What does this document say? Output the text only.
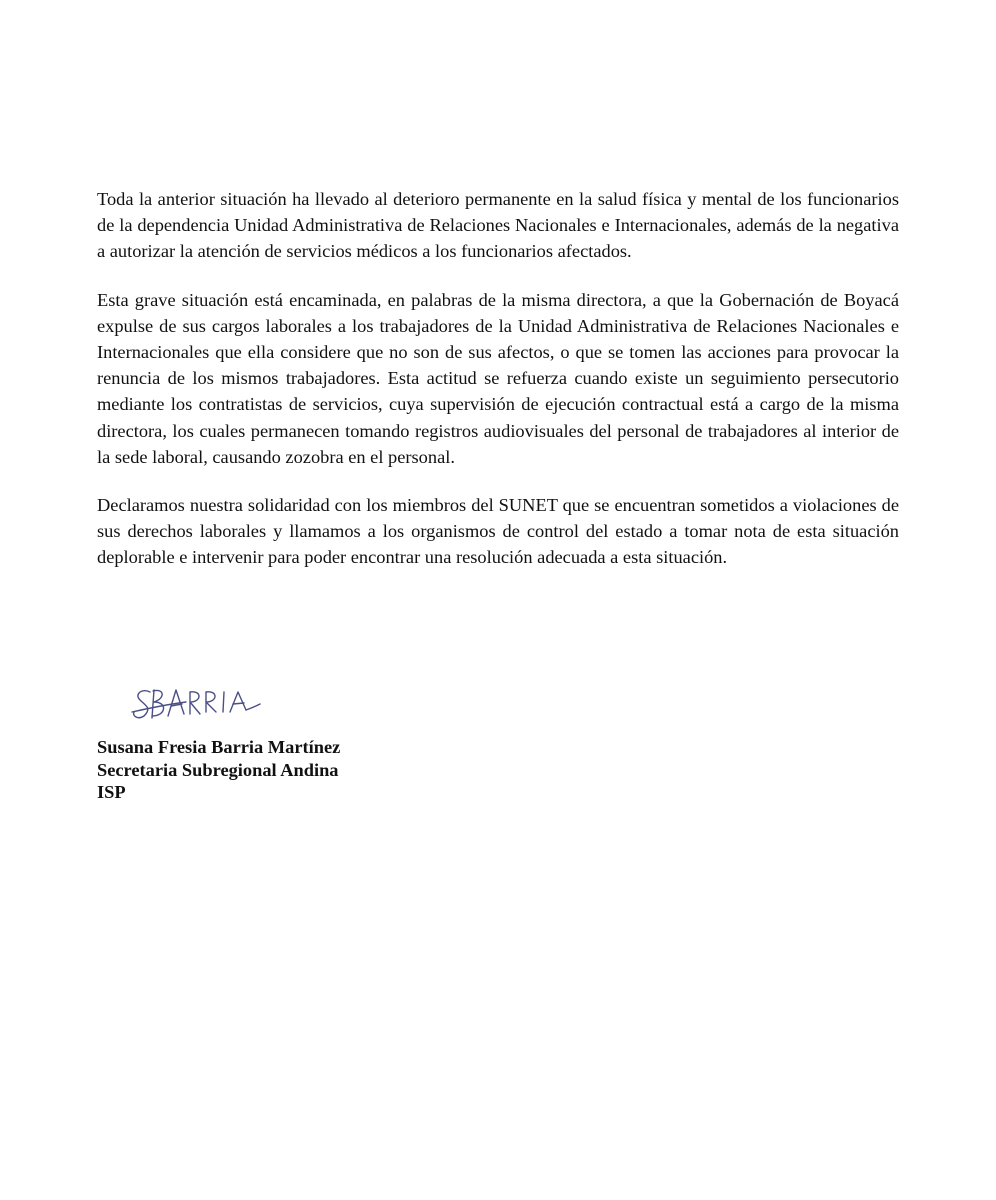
Toda la anterior situación ha llevado al deterioro permanente en la salud física y mental de los funcionarios de la dependencia Unidad Administrativa de Relaciones Nacionales e Internacionales, además de la negativa a autorizar la atención de servicios médicos a los funcionarios afectados.

Esta grave situación está encaminada, en palabras de la misma directora, a que la Gobernación de Boyacá expulse de sus cargos laborales a los trabajadores de la Unidad Administrativa de Relaciones Nacionales e Internacionales que ella considere que no son de sus afectos, o que se tomen las acciones para provocar la renuncia de los mismos trabajadores. Esta actitud se refuerza cuando existe un seguimiento persecutorio mediante los contratistas de servicios, cuya supervisión de ejecución contractual está a cargo de la misma directora, los cuales permanecen tomando registros audiovisuales del personal de trabajadores al interior de la sede laboral, causando zozobra en el personal.

Declaramos nuestra solidaridad con los miembros del SUNET que se encuentran sometidos a violaciones de sus derechos laborales y llamamos a los organismos de control del estado a tomar nota de esta situación deplorable e intervenir para poder encontrar una resolución adecuada a esta situación.

Susana Fresia Barria Martínez
Secretaria Subregional Andina
ISP
